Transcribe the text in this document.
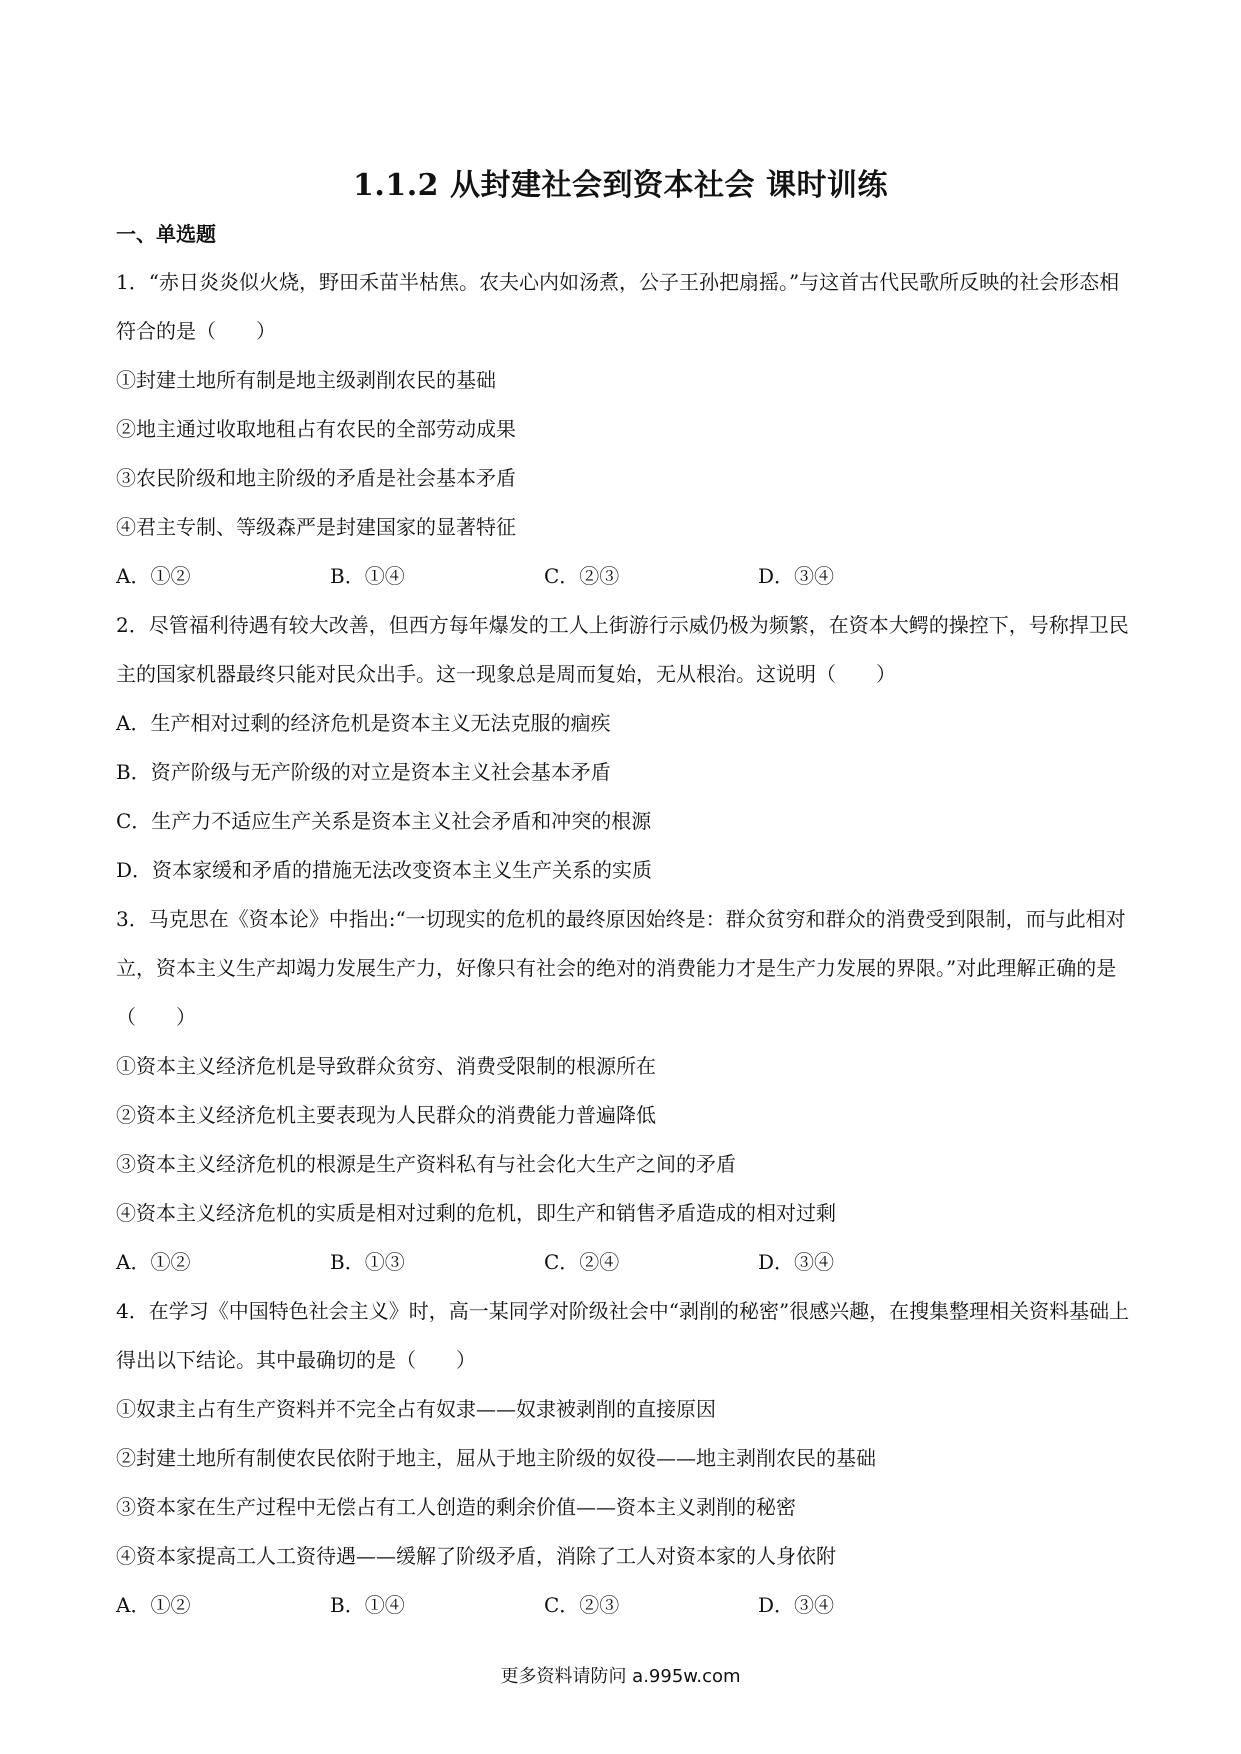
1.1.2 从封建社会到资本社会 课时训练
一、单选题
1．“赤日炎炎似火烧，野田禾苗半枯焦。农夫心内如汤煮，公子王孙把扇摇。”与这首古代民歌所反映的社会形态相符合的是（　　）
①封建土地所有制是地主级剥削农民的基础
②地主通过收取地租占有农民的全部劳动成果
③农民阶级和地主阶级的矛盾是社会基本矛盾
④君主专制、等级森严是封建国家的显著特征
A．①②	B．①④	C．②③	D．③④
2．尽管福利待遇有较大改善，但西方每年爆发的工人上街游行示威仍极为频繁，在资本大鳄的操控下，号称捍卫民主的国家机器最终只能对民众出手。这一现象总是周而复始，无从根治。这说明（　　）
A．生产相对过剩的经济危机是资本主义无法克服的痼疾
B．资产阶级与无产阶级的对立是资本主义社会基本矛盾
C．生产力不适应生产关系是资本主义社会矛盾和冲突的根源
D．资本家缓和矛盾的措施无法改变资本主义生产关系的实质
3．马克思在《资本论》中指出:“一切现实的危机的最终原因始终是：群众贫穷和群众的消费受到限制，而与此相对立，资本主义生产却竭力发展生产力，好像只有社会的绝对的消费能力才是生产力发展的界限。”对此理解正确的是（　　）
①资本主义经济危机是导致群众贫穷、消费受限制的根源所在
②资本主义经济危机主要表现为人民群众的消费能力普遍降低
③资本主义经济危机的根源是生产资料私有与社会化大生产之间的矛盾
④资本主义经济危机的实质是相对过剩的危机，即生产和销售矛盾造成的相对过剩
A．①②	B．①③	C．②④	D．③④
4．在学习《中国特色社会主义》时，高一某同学对阶级社会中“剥削的秘密”很感兴趣，在搜集整理相关资料基础上得出以下结论。其中最确切的是（　　）
①奴隶主占有生产资料并不完全占有奴隶——奴隶被剥削的直接原因
②封建土地所有制使农民依附于地主，屈从于地主阶级的奴役——地主剥削农民的基础
③资本家在生产过程中无偿占有工人创造的剩余价值——资本主义剥削的秘密
④资本家提高工人工资待遇——缓解了阶级矛盾，消除了工人对资本家的人身依附
A．①②	B．①④	C．②③	D．③④
更多资料请防问 a.995w.com
